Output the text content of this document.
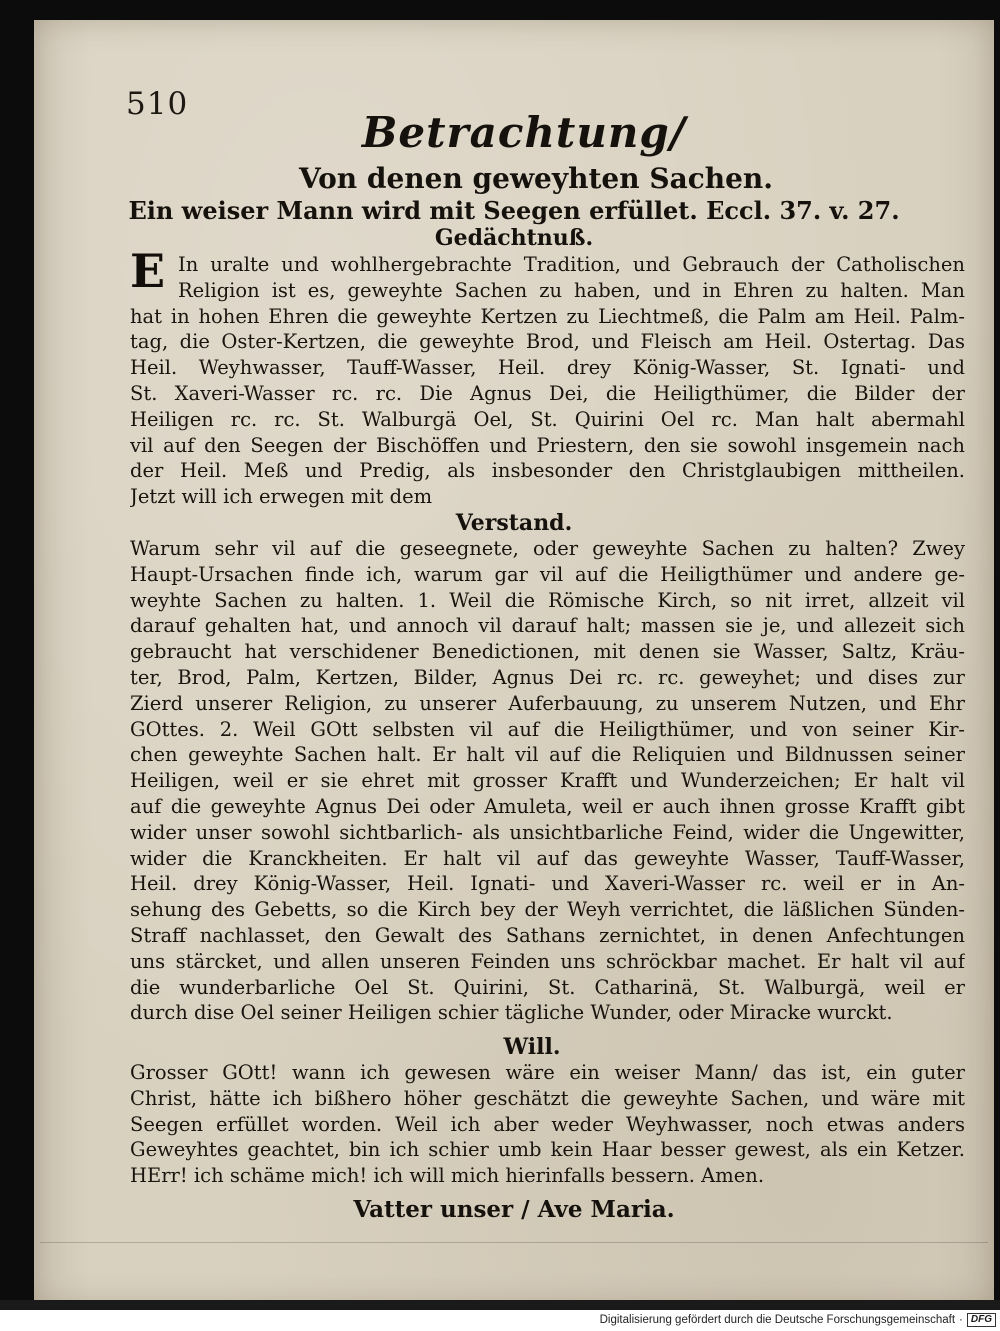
510
Betrachtung/
Von denen geweyhten Sachen.
Ein weiser Mann wird mit Seegen erfüllet. Eccl. 37. v. 27.
Gedächtnuß.
E In uralte und wohlhergebrachte Tradition, und Gebrauch der Catholischen
Religion ist es, geweyhte Sachen zu haben, und in Ehren zu halten. Man
hat in hohen Ehren die geweyhte Kertzen zu Liechtmeß, die Palm am Heil. Palm-
tag, die Oster-Kertzen, die geweyhte Brod, und Fleisch am Heil. Ostertag. Das
Heil. Weyhwasser, Tauff-Wasser, Heil. drey König-Wasser, St. Ignati- und
St. Xaveri-Wasser rc. rc. Die Agnus Dei, die Heiligthümer, die Bilder der
Heiligen rc. rc. St. Walburgä Oel, St. Quirini Oel rc. Man halt abermahl
vil auf den Seegen der Bischöffen und Priestern, den sie sowohl insgemein nach
der Heil. Meß und Predig, als insbesonder den Christglaubigen mittheilen.
Jetzt will ich erwegen mit dem
Verstand.
Warum sehr vil auf die geseegnete, oder geweyhte Sachen zu halten? Zwey
Haupt-Ursachen finde ich, warum gar vil auf die Heiligthümer und andere ge-
weyhte Sachen zu halten. 1. Weil die Römische Kirch, so nit irret, allzeit vil
darauf gehalten hat, und annoch vil darauf halt; massen sie je, und allezeit sich
gebraucht hat verschidener Benedictionen, mit denen sie Wasser, Saltz, Kräu-
ter, Brod, Palm, Kertzen, Bilder, Agnus Dei rc. rc. geweyhet; und dises zur
Zierd unserer Religion, zu unserer Auferbauung, zu unserem Nutzen, und Ehr
GOttes. 2. Weil GOtt selbsten vil auf die Heiligthümer, und von seiner Kir-
chen geweyhte Sachen halt. Er halt vil auf die Reliquien und Bildnussen seiner
Heiligen, weil er sie ehret mit grosser Krafft und Wunderzeichen; Er halt vil
auf die geweyhte Agnus Dei oder Amuleta, weil er auch ihnen grosse Krafft gibt
wider unser sowohl sichtbarlich- als unsichtbarliche Feind, wider die Ungewitter,
wider die Kranckheiten. Er halt vil auf das geweyhte Wasser, Tauff-Wasser,
Heil. drey König-Wasser, Heil. Ignati- und Xaveri-Wasser rc. weil er in An-
sehung des Gebetts, so die Kirch bey der Weyh verrichtet, die läßlichen Sünden-
Straff nachlasset, den Gewalt des Sathans zernichtet, in denen Anfechtungen
uns stärcket, und allen unseren Feinden uns schröckbar machet. Er halt vil auf
die wunderbarliche Oel St. Quirini, St. Catharinä, St. Walburgä, weil er
durch dise Oel seiner Heiligen schier tägliche Wunder, oder Miracke wurckt.
Will.
Grosser GOtt! wann ich gewesen wäre ein weiser Mann/ das ist, ein guter
Christ, hätte ich bißhero höher geschätzt die geweyhte Sachen, und wäre mit
Seegen erfüllet worden. Weil ich aber weder Weyhwasser, noch etwas anders
Geweyhtes geachtet, bin ich schier umb kein Haar besser gewest, als ein Ketzer.
HErr! ich schäme mich! ich will mich hierinfalls bessern. Amen.
Vatter unser / Ave Maria.
Digitalisierung gefördert durch die Deutsche Forschungsgemeinschaft · DFG
